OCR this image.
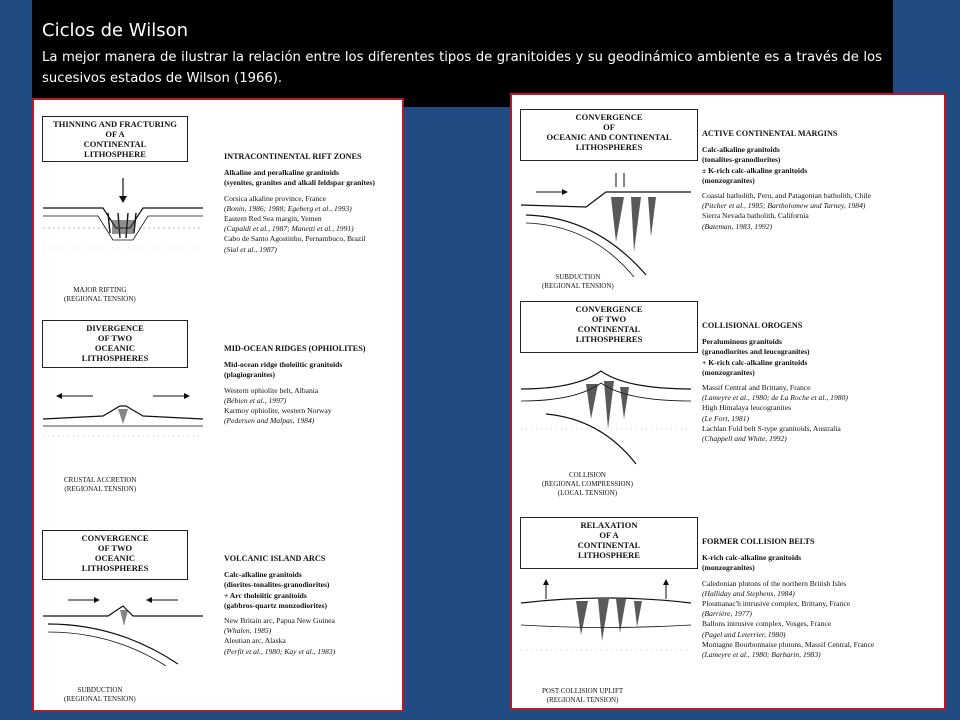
Ciclos de Wilson
La mejor manera de ilustrar la relación entre los diferentes tipos de granitoides y su geodinámico ambiente es a través de los sucesivos estados de Wilson (1966).
THINNING AND FRACTURING
OF A
CONTINENTAL
LITHOSPHERE
MAJOR RIFTING
(REGIONAL TENSION)
INTRACONTINENTAL RIFT ZONES
Alkaline and peralkaline granitoids
(syenites, granites and alkali feldspar granites)
Corsica alkaline province, France
(Bonin, 1986; 1988; Egeberg et al., 1993)
Eastern Red Sea margin, Yemen
(Capaldi et al., 1987; Manetti et al., 1991)
Cabo de Santo Agostinho, Pernambuco, Brazil
(Sial et al., 1987)
DIVERGENCE
OF TWO
OCEANIC
LITHOSPHERES
CRUSTAL ACCRETION
(REGIONAL TENSION)
MID-OCEAN RIDGES (OPHIOLITES)
Mid-ocean ridge tholeiitic granitoids
(plagiogranites)
Western ophiolite belt, Albania
(Bébien et al., 1997)
Karmoy ophiolite, western Norway
(Pedersen and Malpas, 1984)
CONVERGENCE
OF TWO
OCEANIC
LITHOSPHERES
SUBDUCTION
(REGIONAL TENSION)
VOLCANIC ISLAND ARCS
Calc-alkaline granitoids
(diorites-tonalites-granodiorites)
+ Arc tholeiitic granitoids
(gabbros-quartz monzodiorites)
New Britain arc, Papua New Guinea
(Whalen, 1985)
Aleutian arc, Alaska
(Perfit et al., 1980; Kay et al., 1983)
CONVERGENCE
OF
OCEANIC AND CONTINENTAL
LITHOSPHERES
SUBDUCTION
(REGIONAL TENSION)
ACTIVE CONTINENTAL MARGINS
Calc-alkaline granitoids
(tonalites-granodiorites)
± K-rich calc-alkaline granitoids
(monzogranites)
Coastal batholith, Peru, and Patagonian batholith, Chile
(Pitcher et al., 1985; Bartholomew and Tarney, 1984)
Sierra Nevada batholith, California
(Bateman, 1983, 1992)
CONVERGENCE
OF TWO
CONTINENTAL
LITHOSPHERES
COLLISION
(REGIONAL COMPRESSION)
(LOCAL TENSION)
COLLISIONAL OROGENS
Peraluminous granitoids
(granodiorites and leucogranites)
+ K-rich calc-alkaline granitoids
(monzogranites)
Massif Central and Brittany, France
(Lameyre et al., 1980; de La Roche et al., 1980)
High Himalaya leucogranites
(Le Fort, 1981)
Lachlan Fold belt S-type granitoids, Australia
(Chappell and White, 1992)
RELAXATION
OF A
CONTINENTAL
LITHOSPHERE
POST COLLISION UPLIFT
(REGIONAL TENSION)
FORMER COLLISION BELTS
K-rich calc-alkaline granitoids
(monzogranites)
Caledonian plutons of the northern British Isles
(Halliday and Stephens, 1984)
Ploumanac'h intrusive complex, Brittany, France
(Barrière, 1977)
Ballons intrusive complex, Vosges, France
(Pagel and Leterrier, 1980)
Montagne Bourbonnaise plutons, Massif Central, France
(Lameyre et al., 1980; Barbarin, 1983)
